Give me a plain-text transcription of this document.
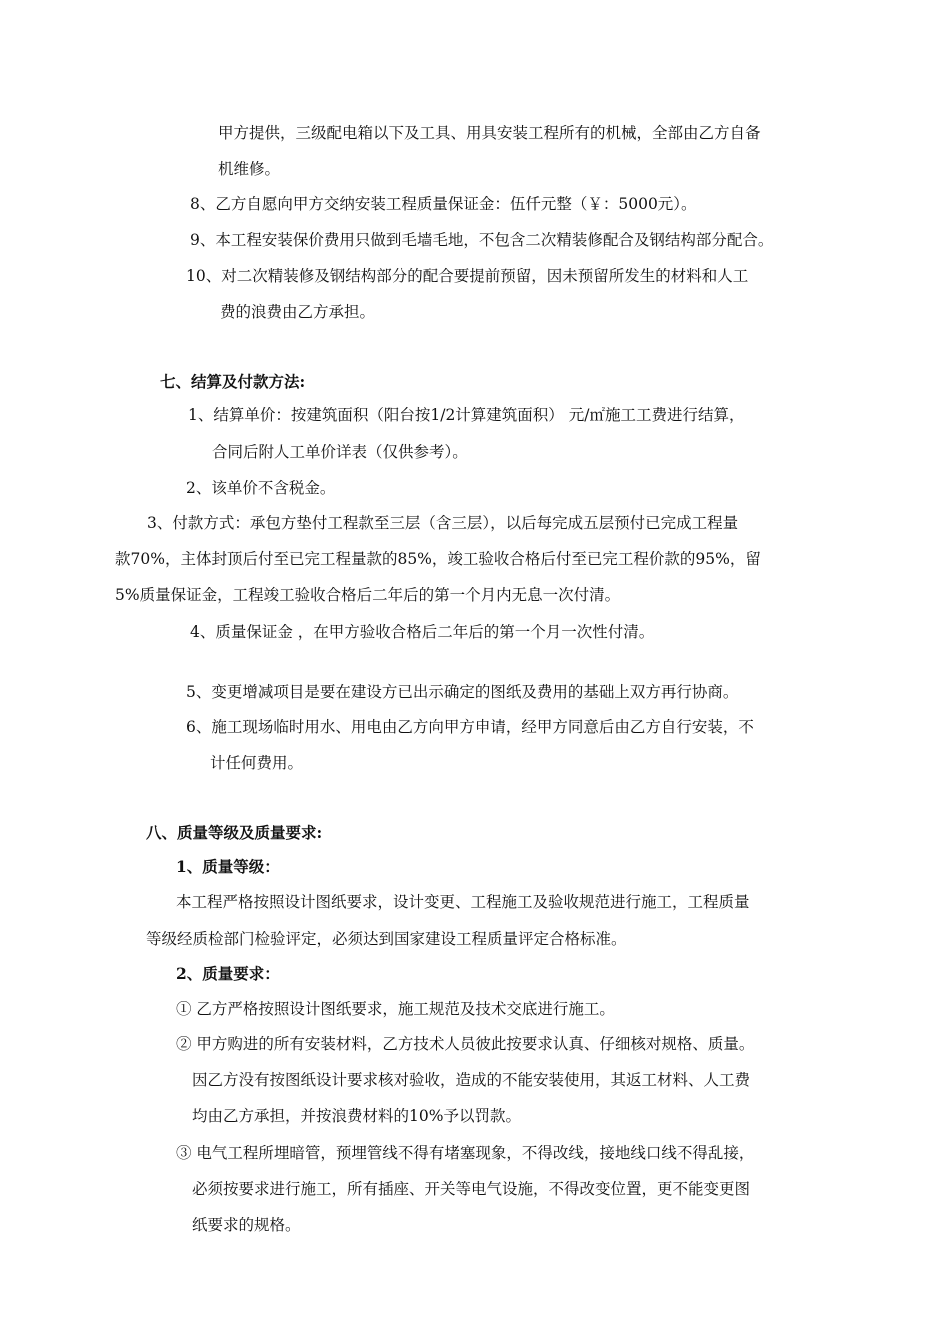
甲方提供，三级配电箱以下及工具、用具安装工程所有的机械，全部由乙方自备

机维修。

8、乙方自愿向甲方交纳安装工程质量保证金：伍仟元整（￥：5000元）。

9、本工程安装保价费用只做到毛墙毛地，不包含二次精装修配合及钢结构部分配合。

10、对二次精装修及钢结构部分的配合要提前预留，因未预留所发生的材料和人工

费的浪费由乙方承担。

七、结算及付款方法:

1、结算单价：按建筑面积（阳台按1/2计算建筑面积） 元/㎡施工工费进行结算，

合同后附人工单价详表（仅供参考）。

2、该单价不含税金。

3、付款方式：承包方垫付工程款至三层（含三层），以后每完成五层预付已完成工程量

款70%，主体封顶后付至已完工程量款的85%，竣工验收合格后付至已完工程价款的95%，留

5%质量保证金，工程竣工验收合格后二年后的第一个月内无息一次付清。

4、质量保证金 ，在甲方验收合格后二年后的第一个月一次性付清。

5、变更增减项目是要在建设方已出示确定的图纸及费用的基础上双方再行协商。

6、施工现场临时用水、用电由乙方向甲方申请，经甲方同意后由乙方自行安装，不

计任何费用。

八、质量等级及质量要求:

1、质量等级：

本工程严格按照设计图纸要求，设计变更、工程施工及验收规范进行施工，工程质量

等级经质检部门检验评定，必须达到国家建设工程质量评定合格标准。

2、质量要求：

① 乙方严格按照设计图纸要求，施工规范及技术交底进行施工。

② 甲方购进的所有安装材料，乙方技术人员彼此按要求认真、仔细核对规格、质量。

因乙方没有按图纸设计要求核对验收，造成的不能安装使用，其返工材料、人工费

均由乙方承担，并按浪费材料的10%予以罚款。

③ 电气工程所埋暗管，预埋管线不得有堵塞现象，不得改线，接地线口线不得乱接，

必须按要求进行施工，所有插座、开关等电气设施，不得改变位置，更不能变更图

纸要求的规格。
